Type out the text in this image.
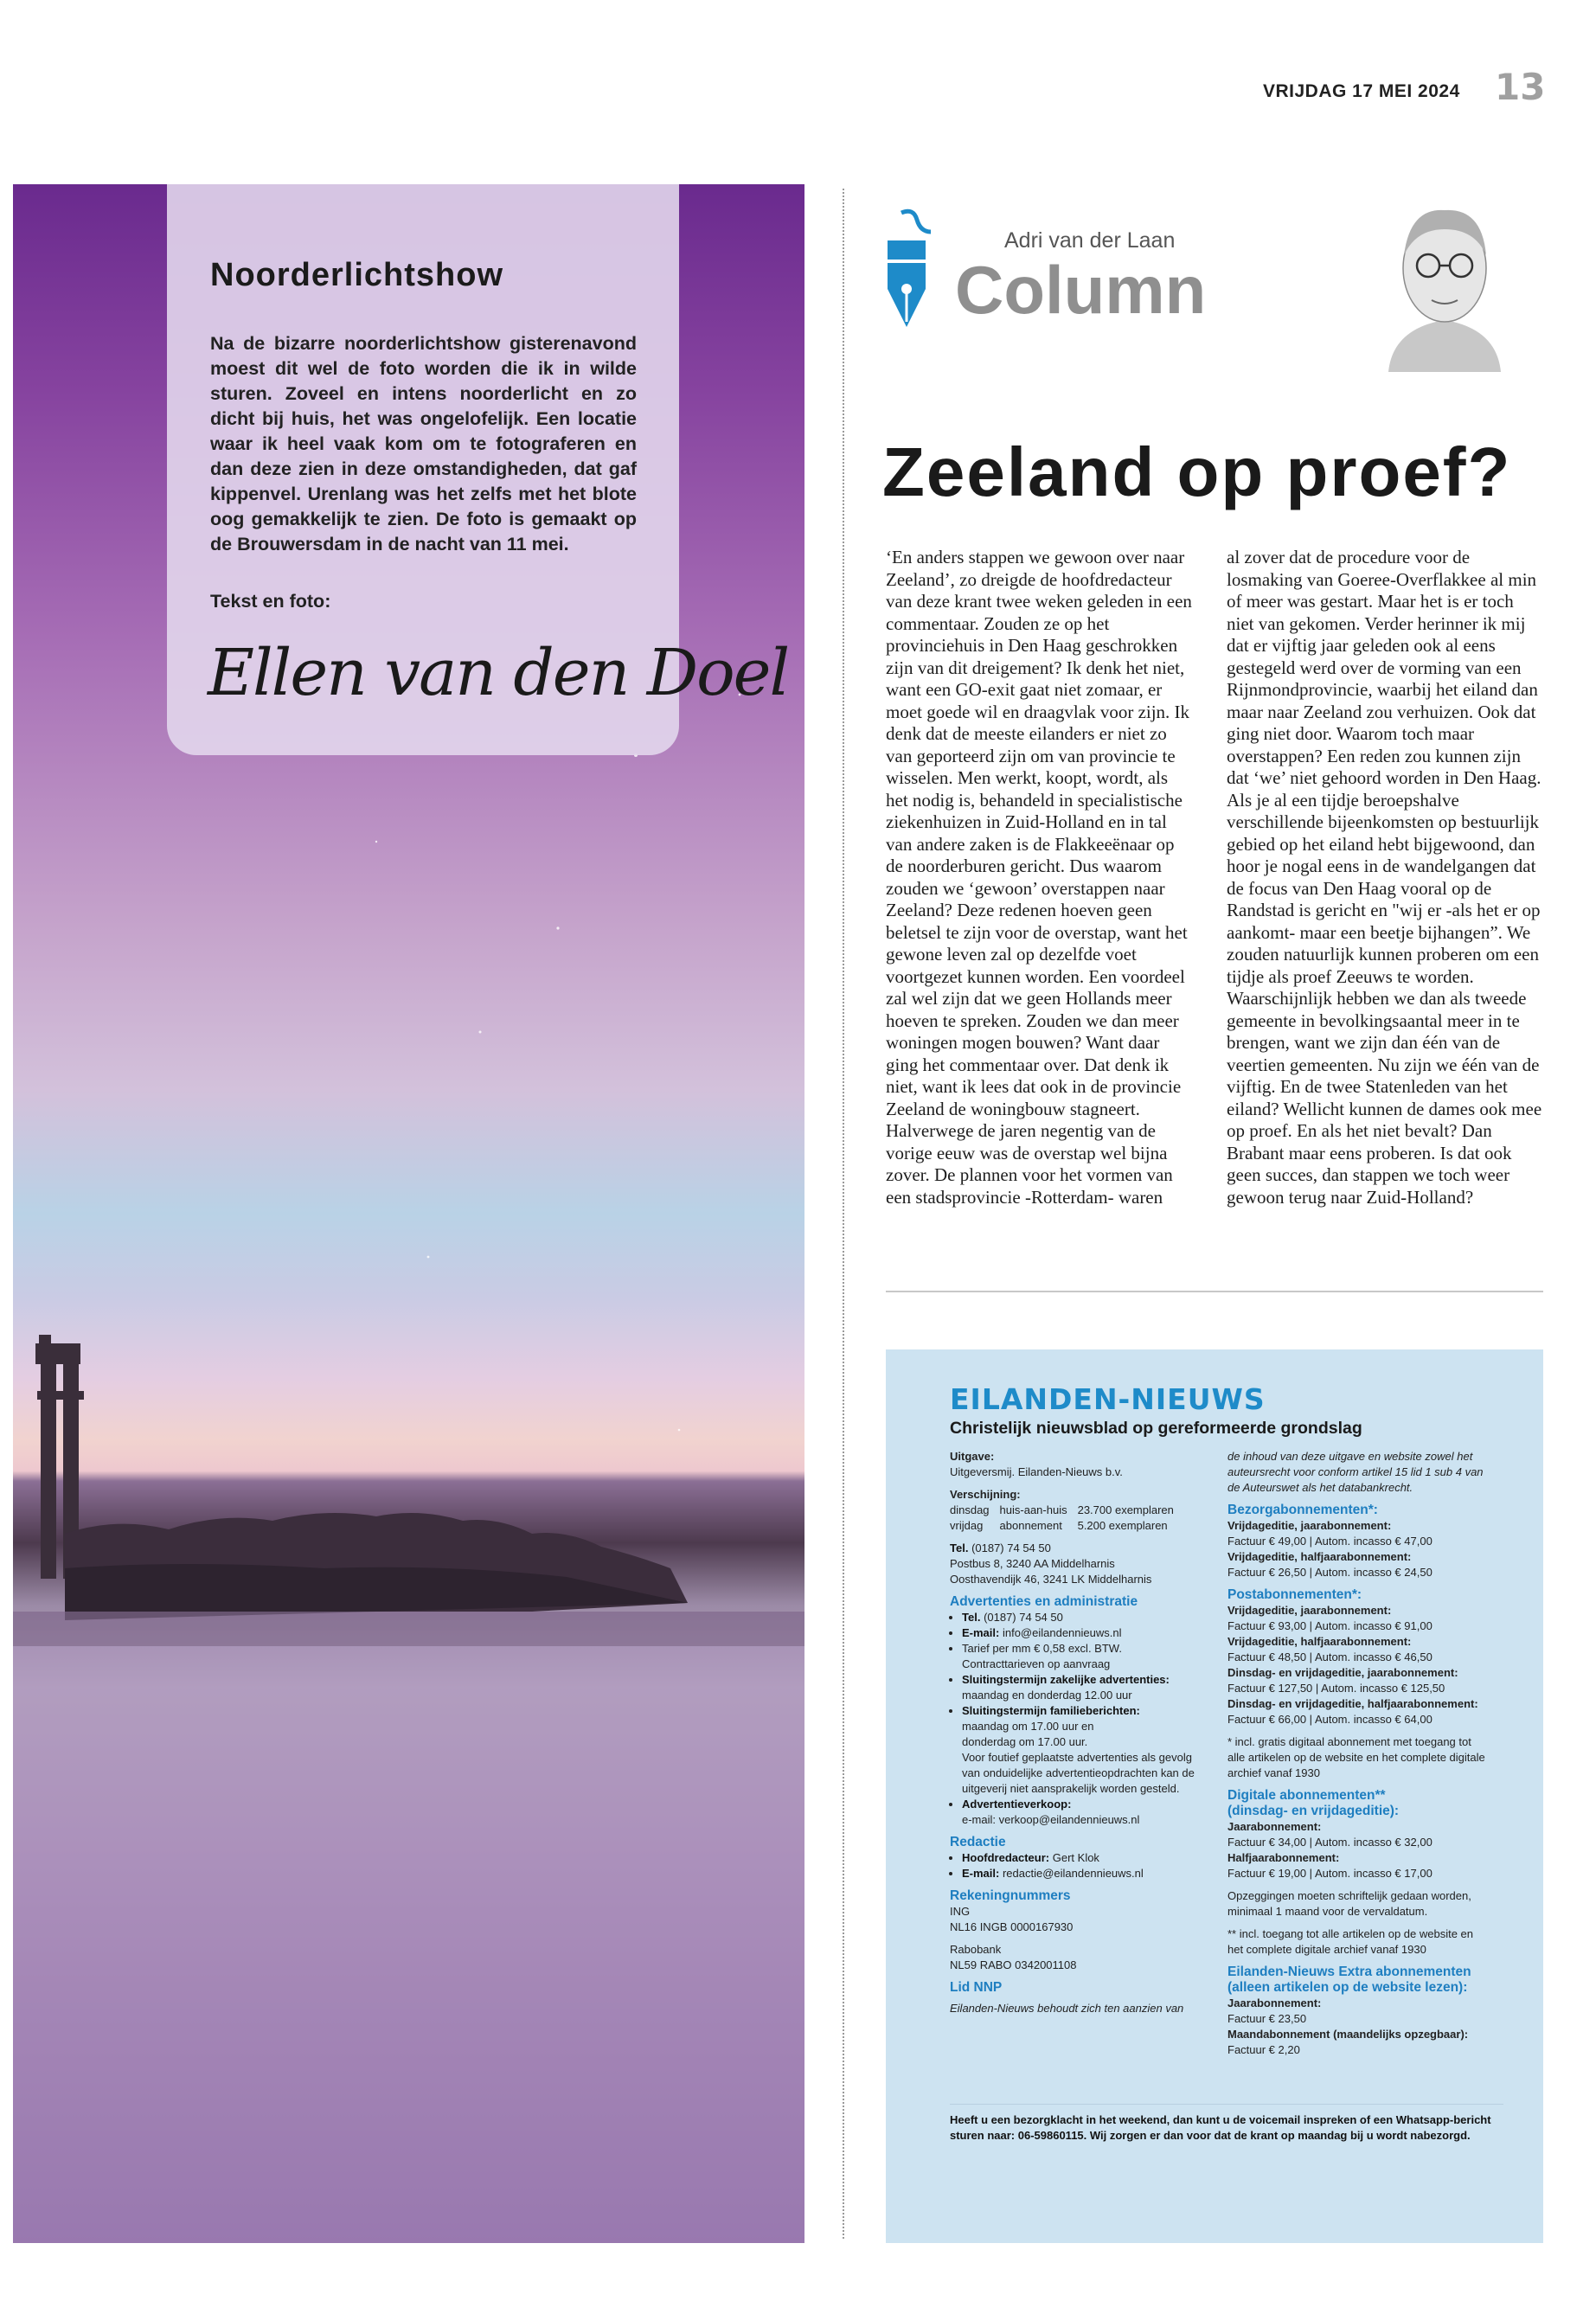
VRIJDAG 17 MEI 2024 13
Noorderlichtshow
Na de bizarre noorderlichtshow gisterenavond moest dit wel de foto worden die ik in wilde sturen. Zoveel en intens noorderlicht en zo dicht bij huis, het was ongelofelijk. Een locatie waar ik heel vaak kom om te fotograferen en dan deze zien in deze omstandigheden, dat gaf kippenvel. Urenlang was het zelfs met het blote oog gemakkelijk te zien. De foto is gemaakt op de Brouwersdam in de nacht van 11 mei.
Tekst en foto:
Ellen van den Doel
Adri van der Laan
Column
Zeeland op proef?
‘En anders stappen we gewoon over naar Zeeland’, zo dreigde de hoofdredacteur van deze krant twee weken geleden in een commentaar. Zouden ze op het provinciehuis in Den Haag geschrokken zijn van dit dreigement? Ik denk het niet, want een GO-exit gaat niet zomaar, er moet goede wil en draagvlak voor zijn. Ik denk dat de meeste eilanders er niet zo van geporteerd zijn om van provincie te wisselen. Men werkt, koopt, wordt, als het nodig is, behandeld in specialistische ziekenhuizen in Zuid-Holland en in tal van andere zaken is de Flakkeeënaar op de noorderburen gericht. Dus waarom zouden we ‘gewoon’ overstappen naar Zeeland? Deze redenen hoeven geen beletsel te zijn voor de overstap, want het gewone leven zal op dezelfde voet voortgezet kunnen worden. Een voordeel zal wel zijn dat we geen Hollands meer hoeven te spreken. Zouden we dan meer woningen mogen bouwen? Want daar ging het commentaar over. Dat denk ik niet, want ik lees dat ook in de provincie Zeeland de woningbouw stagneert. Halverwege de jaren negentig van de vorige eeuw was de overstap wel bijna zover. De plannen voor het vormen van een stadsprovincie -Rotterdam- waren
al zover dat de procedure voor de losmaking van Goeree-Overflakkee al min of meer was gestart. Maar het is er toch niet van gekomen. Verder herinner ik mij dat er vijftig jaar geleden ook al eens gestegeld werd over de vorming van een Rijnmondprovincie, waarbij het eiland dan maar naar Zeeland zou verhuizen. Ook dat ging niet door. Waarom toch maar overstappen? Een reden zou kunnen zijn dat ‘we’ niet gehoord worden in Den Haag. Als je al een tijdje beroepshalve verschillende bijeenkomsten op bestuurlijk gebied op het eiland hebt bijgewoond, dan hoor je nogal eens in de wandelgangen dat de focus van Den Haag vooral op de Randstad is gericht en "wij er -als het er op aankomt- maar een beetje bijhangen”. We zouden natuurlijk kunnen proberen om een tijdje als proef Zeeuws te worden. Waarschijnlijk hebben we dan als tweede gemeente in bevolkingsaantal meer in te brengen, want we zijn dan één van de veertien gemeenten. Nu zijn we één van de vijftig. En de twee Statenleden van het eiland? Wellicht kunnen de dames ook mee op proef. En als het niet bevalt? Dan Brabant maar eens proberen. Is dat ook geen succes, dan stappen we toch weer gewoon terug naar Zuid-Holland?
EILANDEN-NIEUWS
Christelijk nieuwsblad op gereformeerde grondslag
Uitgave:
Uitgeversmij. Eilanden-Nieuws b.v.
Verschijning:
dinsdag	huis-aan-huis	23.700 exemplaren
vrijdag	abonnement	5.200 exemplaren
Tel. (0187) 74 54 50
Postbus 8, 3240 AA Middelharnis
Oosthavendijk 46, 3241 LK Middelharnis
Advertenties en administratie
• Tel. (0187) 74 54 50
• E-mail: info@eilandennieuws.nl
• Tarief per mm € 0,58 excl. BTW.
Contracttarieven op aanvraag
• Sluitingstermijn zakelijke advertenties:
maandag en donderdag 12.00 uur
• Sluitingstermijn familieberichten:
maandag om 17.00 uur en
donderdag om 17.00 uur.
Voor foutief geplaatste advertenties als gevolg van onduidelijke advertentieopdrachten kan de uitgeverij niet aansprakelijk worden gesteld.
• Advertentieverkoop:
e-mail: verkoop@eilandennieuws.nl
Redactie
• Hoofdredacteur: Gert Klok
• E-mail: redactie@eilandennieuws.nl
Rekeningnummers
ING
NL16 INGB 0000167930
Rabobank
NL59 RABO 0342001108
Lid NNP
Eilanden-Nieuws behoudt zich ten aanzien van
de inhoud van deze uitgave en website zowel het auteursrecht voor conform artikel 15 lid 1 sub 4 van de Auteurswet als het databankrecht.
Bezorgabonnementen*:
Vrijdageditie, jaarabonnement:
Factuur € 49,00 | Autom. incasso € 47,00
Vrijdageditie, halfjaarabonnement:
Factuur € 26,50 | Autom. incasso € 24,50
Postabonnementen*:
Vrijdageditie, jaarabonnement:
Factuur € 93,00 | Autom. incasso € 91,00
Vrijdageditie, halfjaarabonnement:
Factuur € 48,50 | Autom. incasso € 46,50
Dinsdag- en vrijdageditie, jaarabonnement:
Factuur € 127,50 | Autom. incasso € 125,50
Dinsdag- en vrijdageditie, halfjaarabonnement:
Factuur € 66,00 | Autom. incasso € 64,00
* incl. gratis digitaal abonnement met toegang tot alle artikelen op de website en het complete digitale archief vanaf 1930
Digitale abonnementen**
(dinsdag- en vrijdageditie):
Jaarabonnement:
Factuur € 34,00 | Autom. incasso € 32,00
Halfjaarabonnement:
Factuur € 19,00 | Autom. incasso € 17,00
Opzeggingen moeten schriftelijk gedaan worden, minimaal 1 maand voor de vervaldatum.
** incl. toegang tot alle artikelen op de website en het complete digitale archief vanaf 1930
Eilanden-Nieuws Extra abonnementen
(alleen artikelen op de website lezen):
Jaarabonnement:
Factuur € 23,50
Maandabonnement (maandelijks opzegbaar):
Factuur € 2,20
Heeft u een bezorgklacht in het weekend, dan kunt u de voicemail inspreken of een Whatsapp-bericht sturen naar: 06-59860115. Wij zorgen er dan voor dat de krant op maandag bij u wordt nabezorgd.
